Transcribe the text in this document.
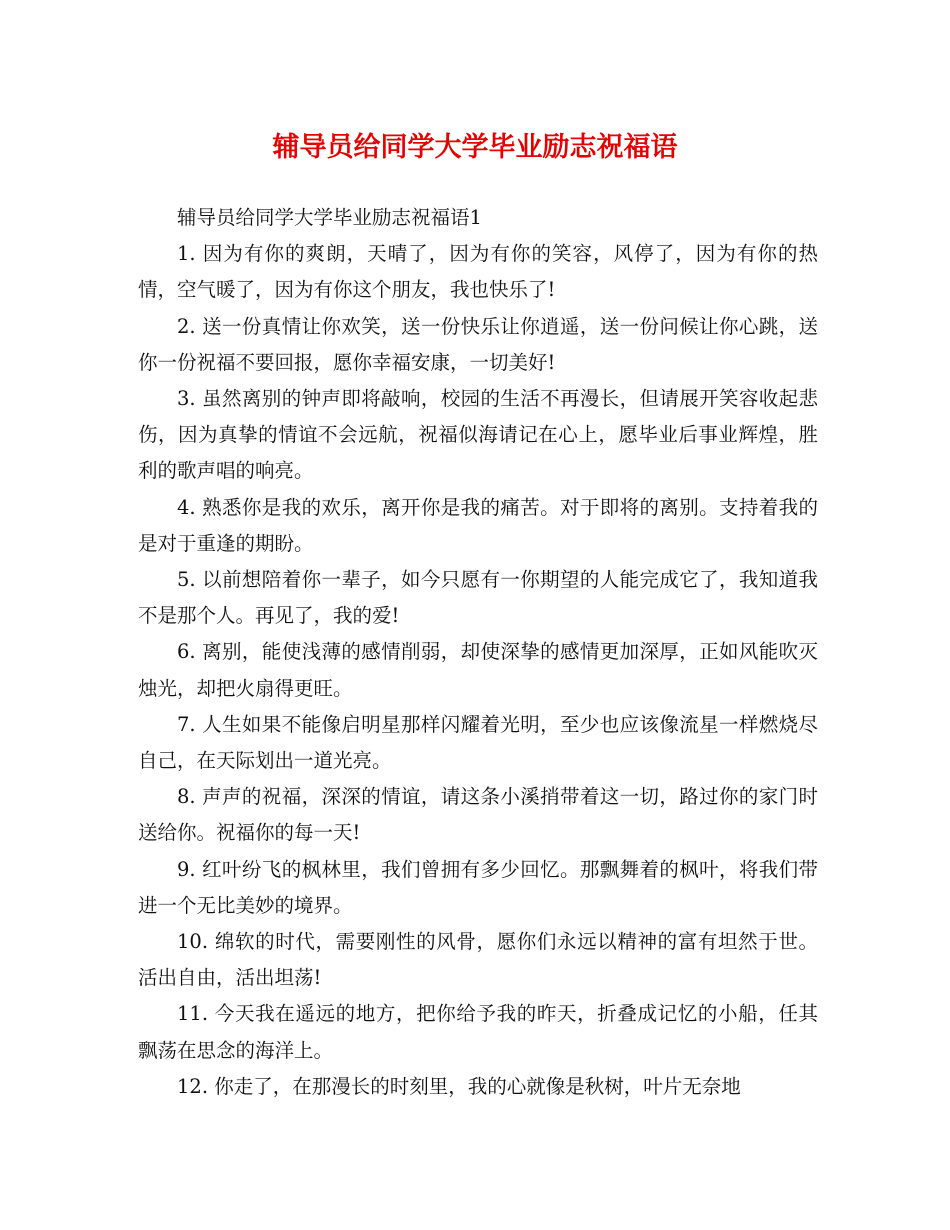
辅导员给同学大学毕业励志祝福语

辅导员给同学大学毕业励志祝福语1

1. 因为有你的爽朗，天晴了，因为有你的笑容，风停了，因为有你的热情，空气暖了，因为有你这个朋友，我也快乐了!

2. 送一份真情让你欢笑，送一份快乐让你逍遥，送一份问候让你心跳，送你一份祝福不要回报，愿你幸福安康，一切美好!

3. 虽然离别的钟声即将敲响，校园的生活不再漫长，但请展开笑容收起悲伤，因为真挚的情谊不会远航，祝福似海请记在心上，愿毕业后事业辉煌，胜利的歌声唱的响亮。

4. 熟悉你是我的欢乐，离开你是我的痛苦。对于即将的离别。支持着我的是对于重逢的期盼。

5. 以前想陪着你一辈子，如今只愿有一你期望的人能完成它了，我知道我不是那个人。再见了，我的爱!

6. 离别，能使浅薄的感情削弱，却使深挚的感情更加深厚，正如风能吹灭烛光，却把火扇得更旺。

7. 人生如果不能像启明星那样闪耀着光明，至少也应该像流星一样燃烧尽自己，在天际划出一道光亮。

8. 声声的祝福，深深的情谊，请这条小溪捎带着这一切，路过你的家门时送给你。祝福你的每一天!

9. 红叶纷飞的枫林里，我们曾拥有多少回忆。那飘舞着的枫叶，将我们带进一个无比美妙的境界。

10. 绵软的时代，需要刚性的风骨，愿你们永远以精神的富有坦然于世。活出自由，活出坦荡!

11. 今天我在遥远的地方，把你给予我的昨天，折叠成记忆的小船，任其飘荡在思念的海洋上。

12. 你走了，在那漫长的时刻里，我的心就像是秋树，叶片无奈地
